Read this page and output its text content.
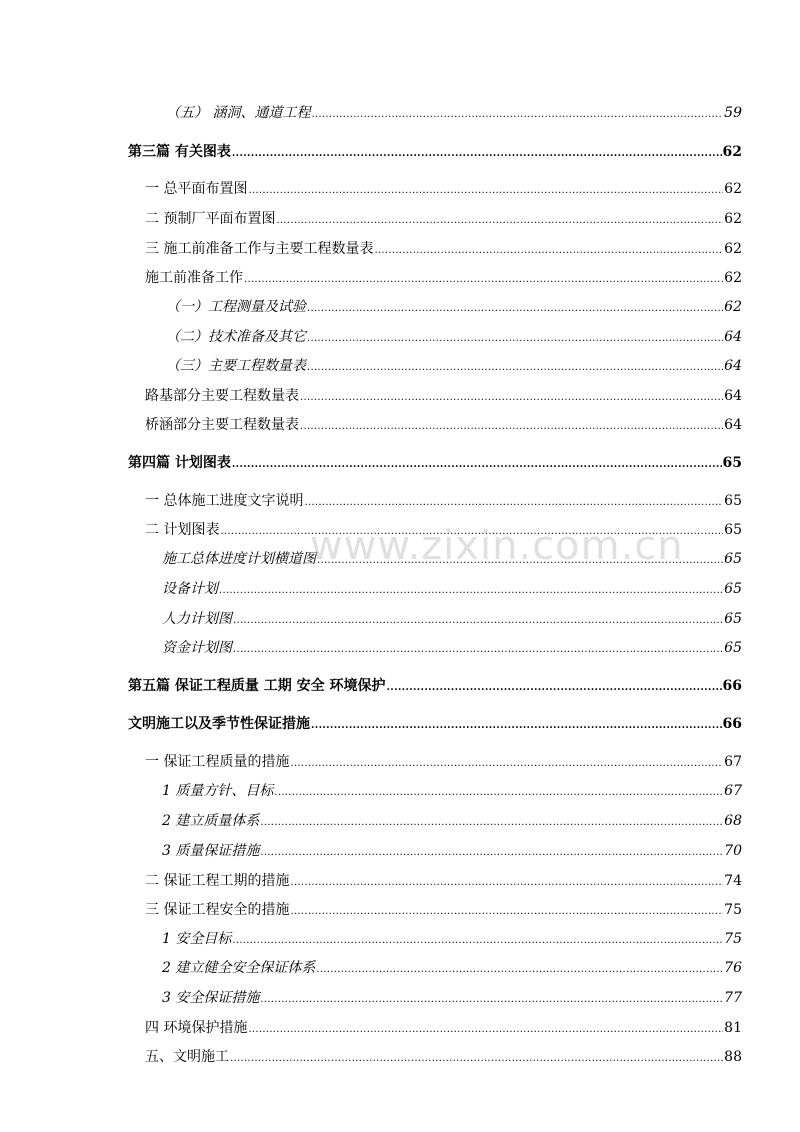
（五） 涵洞、通道工程 .....	59
第三篇 有关图表 .....	62
一 总平面布置图 .....	62
二 预制厂平面布置图 .....	62
三 施工前准备工作与主要工程数量表 .....	62
施工前准备工作 .....	62
（一）工程测量及试验 .....	62
（二）技术准备及其它 .....	64
（三）主要工程数量表 .....	64
路基部分主要工程数量表 .....	64
桥涵部分主要工程数量表 .....	64
第四篇 计划图表 .....	65
一 总体施工进度文字说明 .....	65
二 计划图表 .....	65
施工总体进度计划横道图 .....	65
设备计划 .....	65
人力计划图 .....	65
资金计划图 .....	65
第五篇 保证工程质量 工期 安全 环境保护 .....	66
文明施工以及季节性保证措施 .....	66
一 保证工程质量的措施 .....	67
1 质量方针、目标 .....	67
2 建立质量体系 .....	68
3 质量保证措施 .....	70
二 保证工程工期的措施 .....	74
三 保证工程安全的措施 .....	75
1 安全目标 .....	75
2 建立健全安全保证体系 .....	76
3 安全保证措施 .....	77
四 环境保护措施 .....	81
五、文明施工 .....	88
www.zixin.com.cn
